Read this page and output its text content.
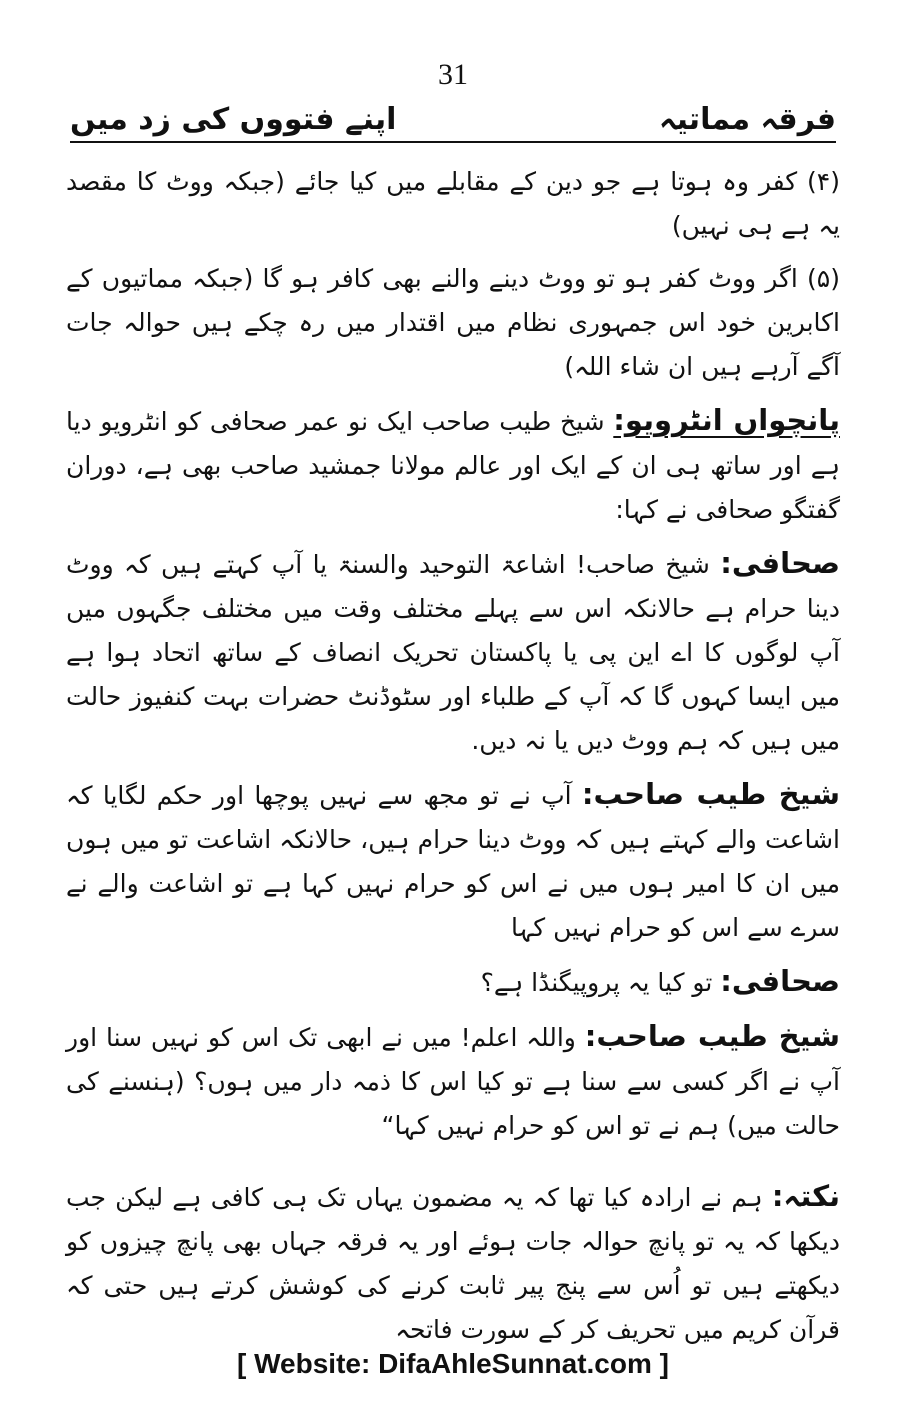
31
فرقہ مماتیہ
اپنے فتووں کی زد میں

(۴) کفر وہ ہوتا ہے جو دین کے مقابلے میں کیا جائے (جبکہ ووٹ کا مقصد یہ ہے ہی نہیں)

(۵) اگر ووٹ کفر ہو تو ووٹ دینے والنے بھی کافر ہو گا (جبکہ مماتیوں کے اکابرین خود اس جمہوری نظام میں اقتدار میں رہ چکے ہیں حوالہ جات آگے آرہے ہیں ان شاء اللہ)

پانچواں انٹرویو: شیخ طیب صاحب ایک نو عمر صحافی کو انٹرویو دیا ہے اور ساتھ ہی ان کے ایک اور عالم مولانا جمشید صاحب بھی ہے، دوران گفتگو صحافی نے کہا:

صحافی: شیخ صاحب! اشاعۃ التوحید والسنۃ یا آپ کہتے ہیں کہ ووٹ دینا حرام ہے حالانکہ اس سے پہلے مختلف وقت میں مختلف جگہوں میں آپ لوگوں کا اے این پی یا پاکستان تحریک انصاف کے ساتھ اتحاد ہوا ہے میں ایسا کہوں گا کہ آپ کے طلباء اور سٹوڈنٹ حضرات بہت کنفیوز حالت میں ہیں کہ ہم ووٹ دیں یا نہ دیں.

شیخ طیب صاحب: آپ نے تو مجھ سے نہیں پوچھا اور حکم لگایا کہ اشاعت والے کہتے ہیں کہ ووٹ دینا حرام ہیں، حالانکہ اشاعت تو میں ہوں میں ان کا امیر ہوں میں نے اس کو حرام نہیں کہا ہے تو اشاعت والے نے سرے سے اس کو حرام نہیں کہا

صحافی: تو کیا یہ پروپیگنڈا ہے؟

شیخ طیب صاحب: واللہ اعلم! میں نے ابھی تک اس کو نہیں سنا اور آپ نے اگر کسی سے سنا ہے تو کیا اس کا ذمہ دار میں ہوں؟ (ہنسنے کی حالت میں) ہم نے تو اس کو حرام نہیں کہا“

نکتہ: ہم نے ارادہ کیا تھا کہ یہ مضمون یہاں تک ہی کافی ہے لیکن جب دیکھا کہ یہ تو پانچ حوالہ جات ہوئے اور یہ فرقہ جہاں بھی پانچ چیزوں کو دیکھتے ہیں تو اُس سے پنج پیر ثابت کرنے کی کوشش کرتے ہیں حتی کہ قرآن کریم میں تحریف کر کے سورت فاتحہ

[ Website: DifaAhleSunnat.com ]
